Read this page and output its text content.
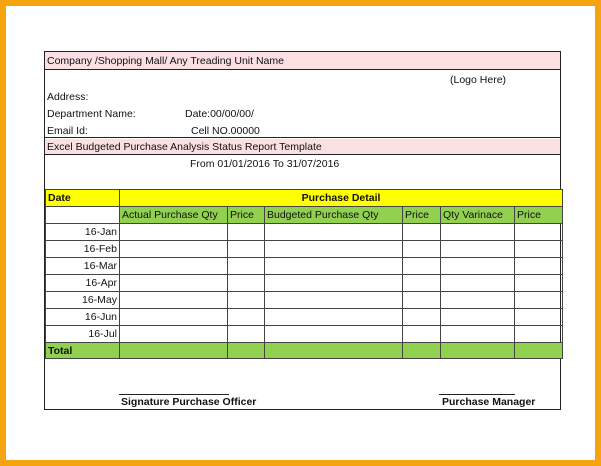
Company /Shopping Mall/ Any Treading Unit Name
(Logo Here)
Address:
Department Name:	Date:00/00/00/
Email Id:	Cell NO.00000
Excel Budgeted Purchase Analysis Status Report Template
From 01/01/2016 To 31/07/2016
Date	Purchase Detail					
	Actual Purchase Qty	Price	Budgeted Purchase Qty	Price	Qty Varinace	Price
16-Jan						
16-Feb						
16-Mar						
16-Apr						
16-May						
16-Jun						
16-Jul						
Total						
Signature Purchase Officer	Purchase Manager
